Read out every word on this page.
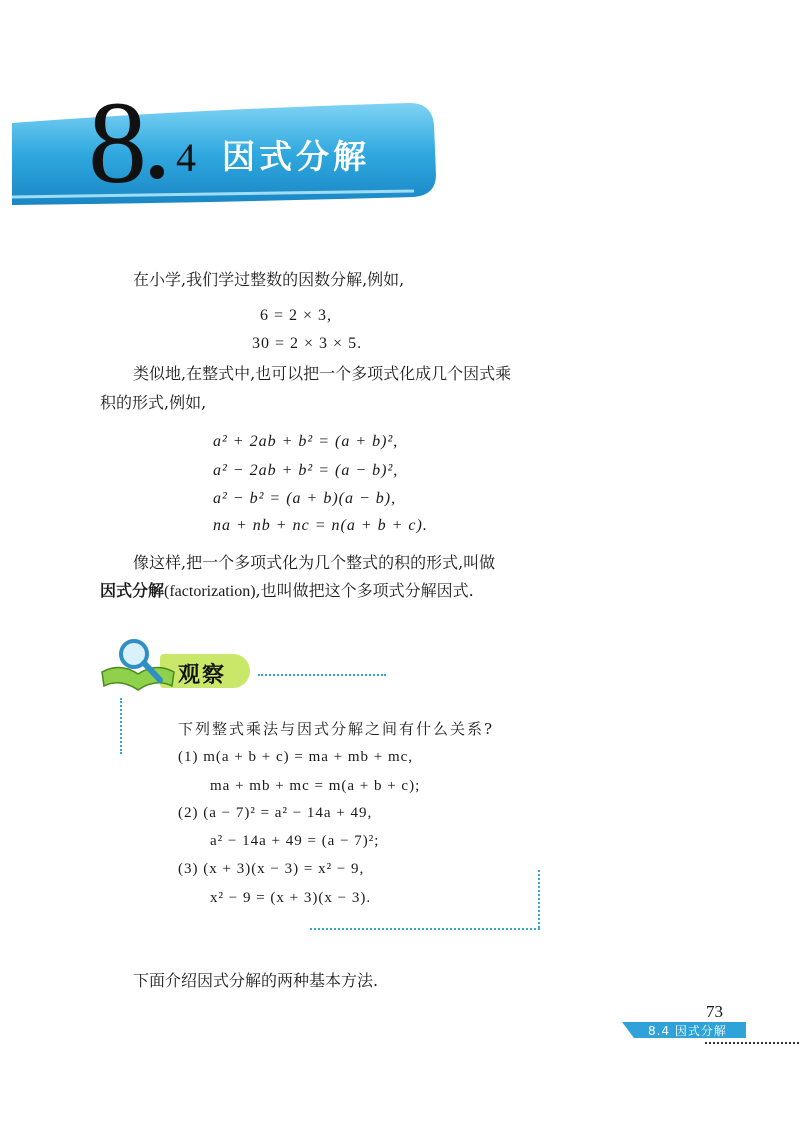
8 4 因式分解
在小学,我们学过整数的因数分解,例如,
6 = 2 × 3,
30 = 2 × 3 × 5.
类似地,在整式中,也可以把一个多项式化成几个因式乘
积的形式,例如,
a² + 2ab + b² = (a + b)²,
a² − 2ab + b² = (a − b)²,
a² − b² = (a + b)(a − b),
na + nb + nc = n(a + b + c).
像这样,把一个多项式化为几个整式的积的形式,叫做
因式分解(factorization),也叫做把这个多项式分解因式.
观察
下列整式乘法与因式分解之间有什么关系?
(1) m(a + b + c) = ma + mb + mc,
ma + mb + mc = m(a + b + c);
(2) (a − 7)² = a² − 14a + 49,
a² − 14a + 49 = (a − 7)²;
(3) (x + 3)(x − 3) = x² − 9,
x² − 9 = (x + 3)(x − 3).
下面介绍因式分解的两种基本方法.
73
8.4 因式分解
